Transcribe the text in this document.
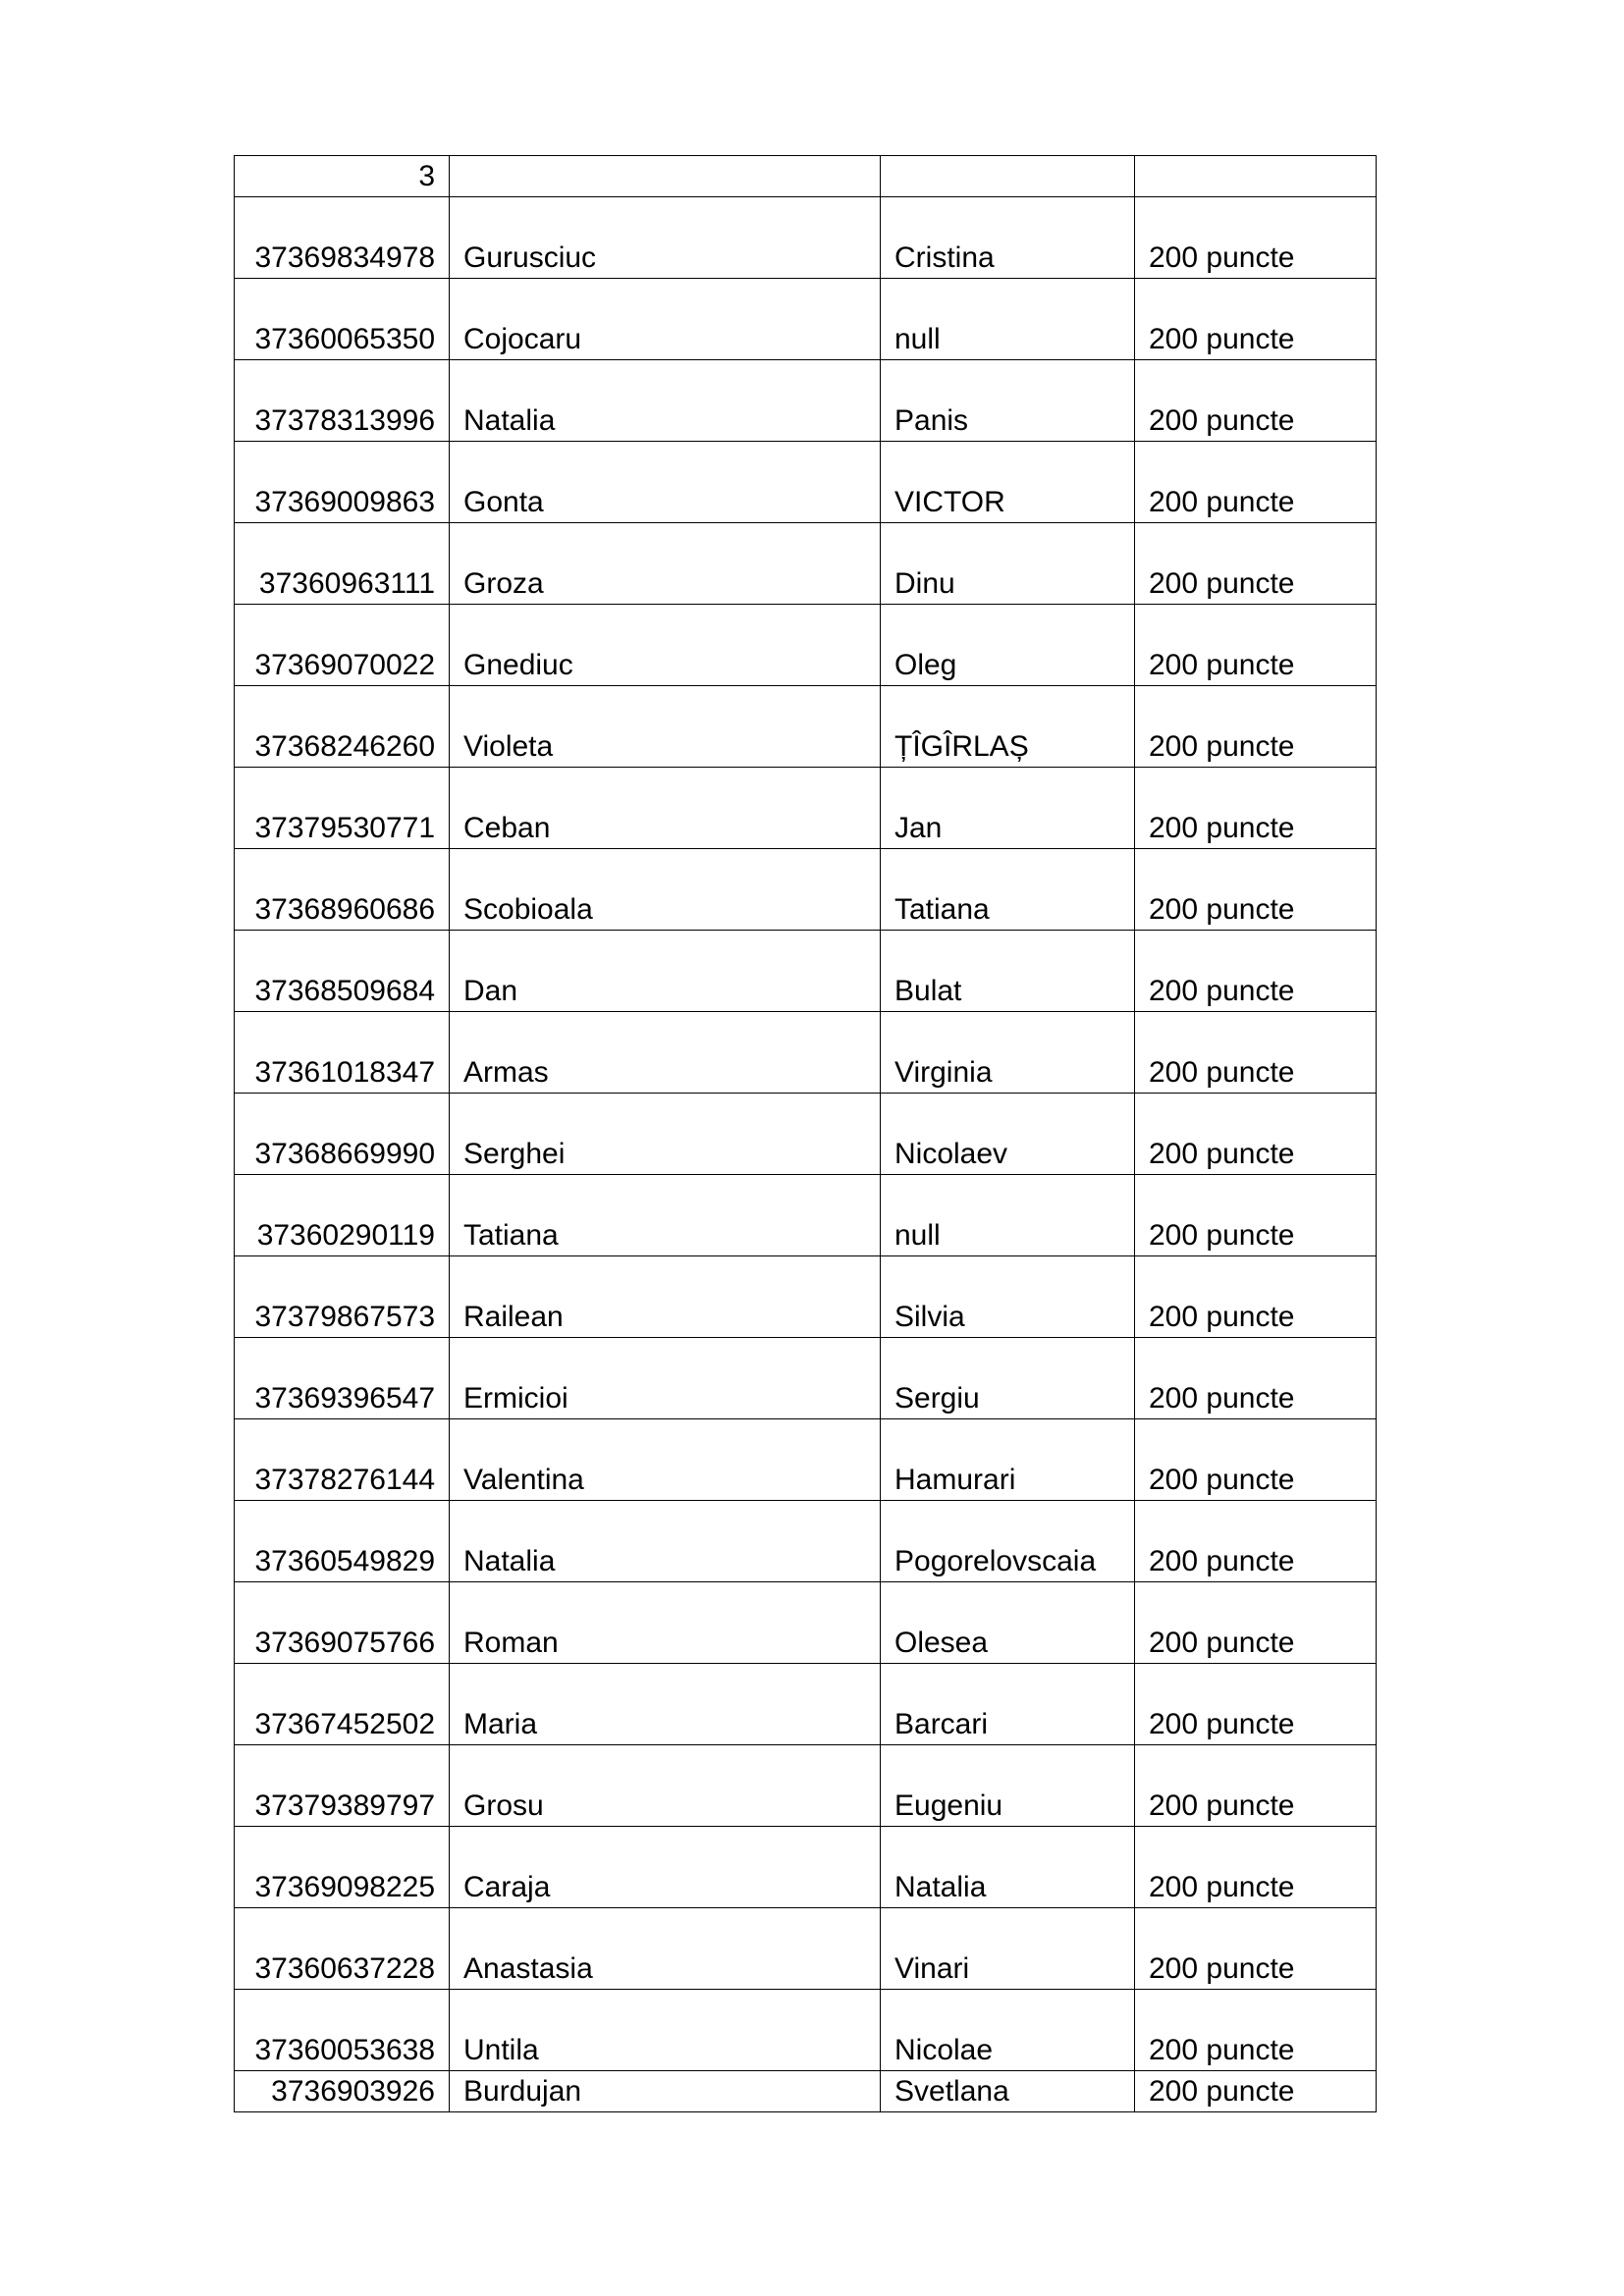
3			
37369834978	Gurusciuc	Cristina	200 puncte
37360065350	Cojocaru	null	200 puncte
37378313996	Natalia	Panis	200 puncte
37369009863	Gonta	VICTOR	200 puncte
37360963111	Groza	Dinu	200 puncte
37369070022	Gnediuc	Oleg	200 puncte
37368246260	Violeta	ȚÎGÎRLAȘ	200 puncte
37379530771	Ceban	Jan	200 puncte
37368960686	Scobioala	Tatiana	200 puncte
37368509684	Dan	Bulat	200 puncte
37361018347	Armas	Virginia	200 puncte
37368669990	Serghei	Nicolaev	200 puncte
37360290119	Tatiana	null	200 puncte
37379867573	Railean	Silvia	200 puncte
37369396547	Ermicioi	Sergiu	200 puncte
37378276144	Valentina	Hamurari	200 puncte
37360549829	Natalia	Pogorelovscaia	200 puncte
37369075766	Roman	Olesea	200 puncte
37367452502	Maria	Barcari	200 puncte
37379389797	Grosu	Eugeniu	200 puncte
37369098225	Caraja	Natalia	200 puncte
37360637228	Anastasia	Vinari	200 puncte
37360053638	Untila	Nicolae	200 puncte
3736903926	Burdujan	Svetlana	200 puncte
